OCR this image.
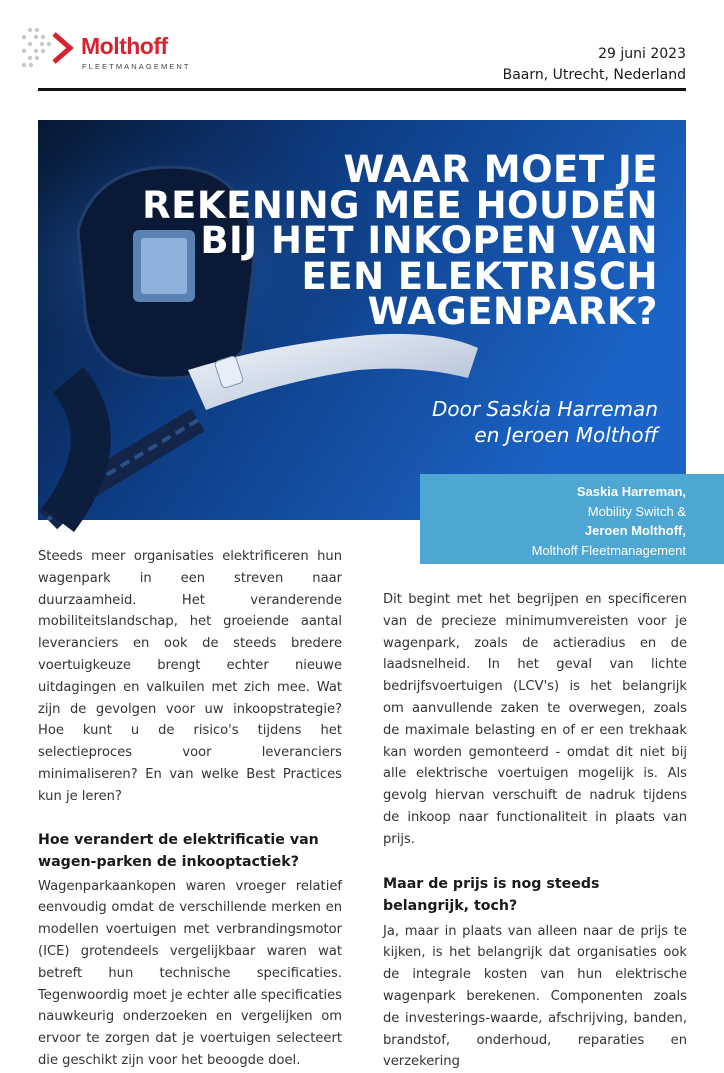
Molthoff
FLEETMANAGEMENT
29 juni 2023
Baarn, Utrecht, Nederland
WAAR MOET JE REKENING MEE HOUDEN BIJ HET INKOPEN VAN EEN ELEKTRISCH WAGENPARK?
Door Saskia Harreman
en Jeroen Molthoff
Saskia Harreman,
Mobility Switch &
Jeroen Molthoff,
Molthoff Fleetmanagement

Steeds meer organisaties elektrificeren hun wagenpark in een streven naar duurzaamheid. Het veranderende mobiliteitslandschap, het groeiende aantal leveranciers en ook de steeds bredere voertuigkeuze brengt echter nieuwe uitdagingen en valkuilen met zich mee. Wat zijn de gevolgen voor uw inkoopstrategie? Hoe kunt u de risico's tijdens het selectieproces voor leveranciers minimaliseren? En van welke Best Practices kun je leren?

Hoe verandert de elektrificatie van wagen-parken de inkooptactiek?

Wagenparkaankopen waren vroeger relatief eenvoudig omdat de verschillende merken en modellen voertuigen met verbrandingsmotor (ICE) grotendeels vergelijkbaar waren wat betreft hun technische specificaties. Tegenwoordig moet je echter alle specificaties nauwkeurig onderzoeken en vergelijken om ervoor te zorgen dat je voertuigen selecteert die geschikt zijn voor het beoogde doel.

Dit begint met het begrijpen en specificeren van de precieze minimumvereisten voor je wagenpark, zoals de actieradius en de laadsnelheid. In het geval van lichte bedrijfsvoertuigen (LCV's) is het belangrijk om aanvullende zaken te overwegen, zoals de maximale belasting en of er een trekhaak kan worden gemonteerd - omdat dit niet bij alle elektrische voertuigen mogelijk is. Als gevolg hiervan verschuift de nadruk tijdens de inkoop naar functionaliteit in plaats van prijs.

Maar de prijs is nog steeds belangrijk, toch?

Ja, maar in plaats van alleen naar de prijs te kijken, is het belangrijk dat organisaties ook de integrale kosten van hun elektrische wagenpark berekenen. Componenten zoals de investerings-waarde, afschrijving, banden, brandstof, onderhoud, reparaties en verzekering
